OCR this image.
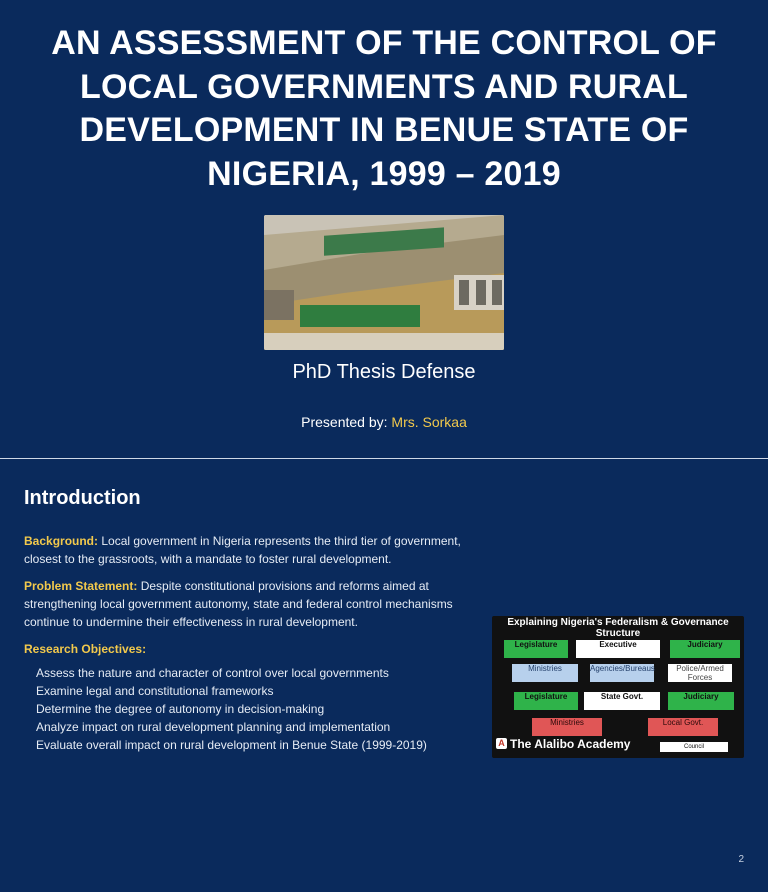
AN ASSESSMENT OF THE CONTROL OF
LOCAL GOVERNMENTS AND RURAL
DEVELOPMENT IN BENUE STATE OF
NIGERIA, 1999 – 2019
PhD Thesis Defense
Presented by: Mrs. Sorkaa
Introduction

Background: Local government in Nigeria represents the third tier of government, closest to the grassroots, with a mandate to foster rural development.

Problem Statement: Despite constitutional provisions and reforms aimed at strengthening local government autonomy, state and federal control mechanisms continue to undermine their effectiveness in rural development.

Research Objectives:
Assess the nature and character of control over local governments
Examine legal and constitutional frameworks
Determine the degree of autonomy in decision-making
Analyze impact on rural development planning and implementation
Evaluate overall impact on rural development in Benue State (1999-2019)
Explaining Nigeria's Federalism & Governance Structure
Legislature	Executive	Judiciary
Ministries	Agencies/Bureaus	Police/Armed Forces
Legislature	State Govt.	Judiciary
Ministries	Local Govt.
Council
A The Alalibo Academy
2
